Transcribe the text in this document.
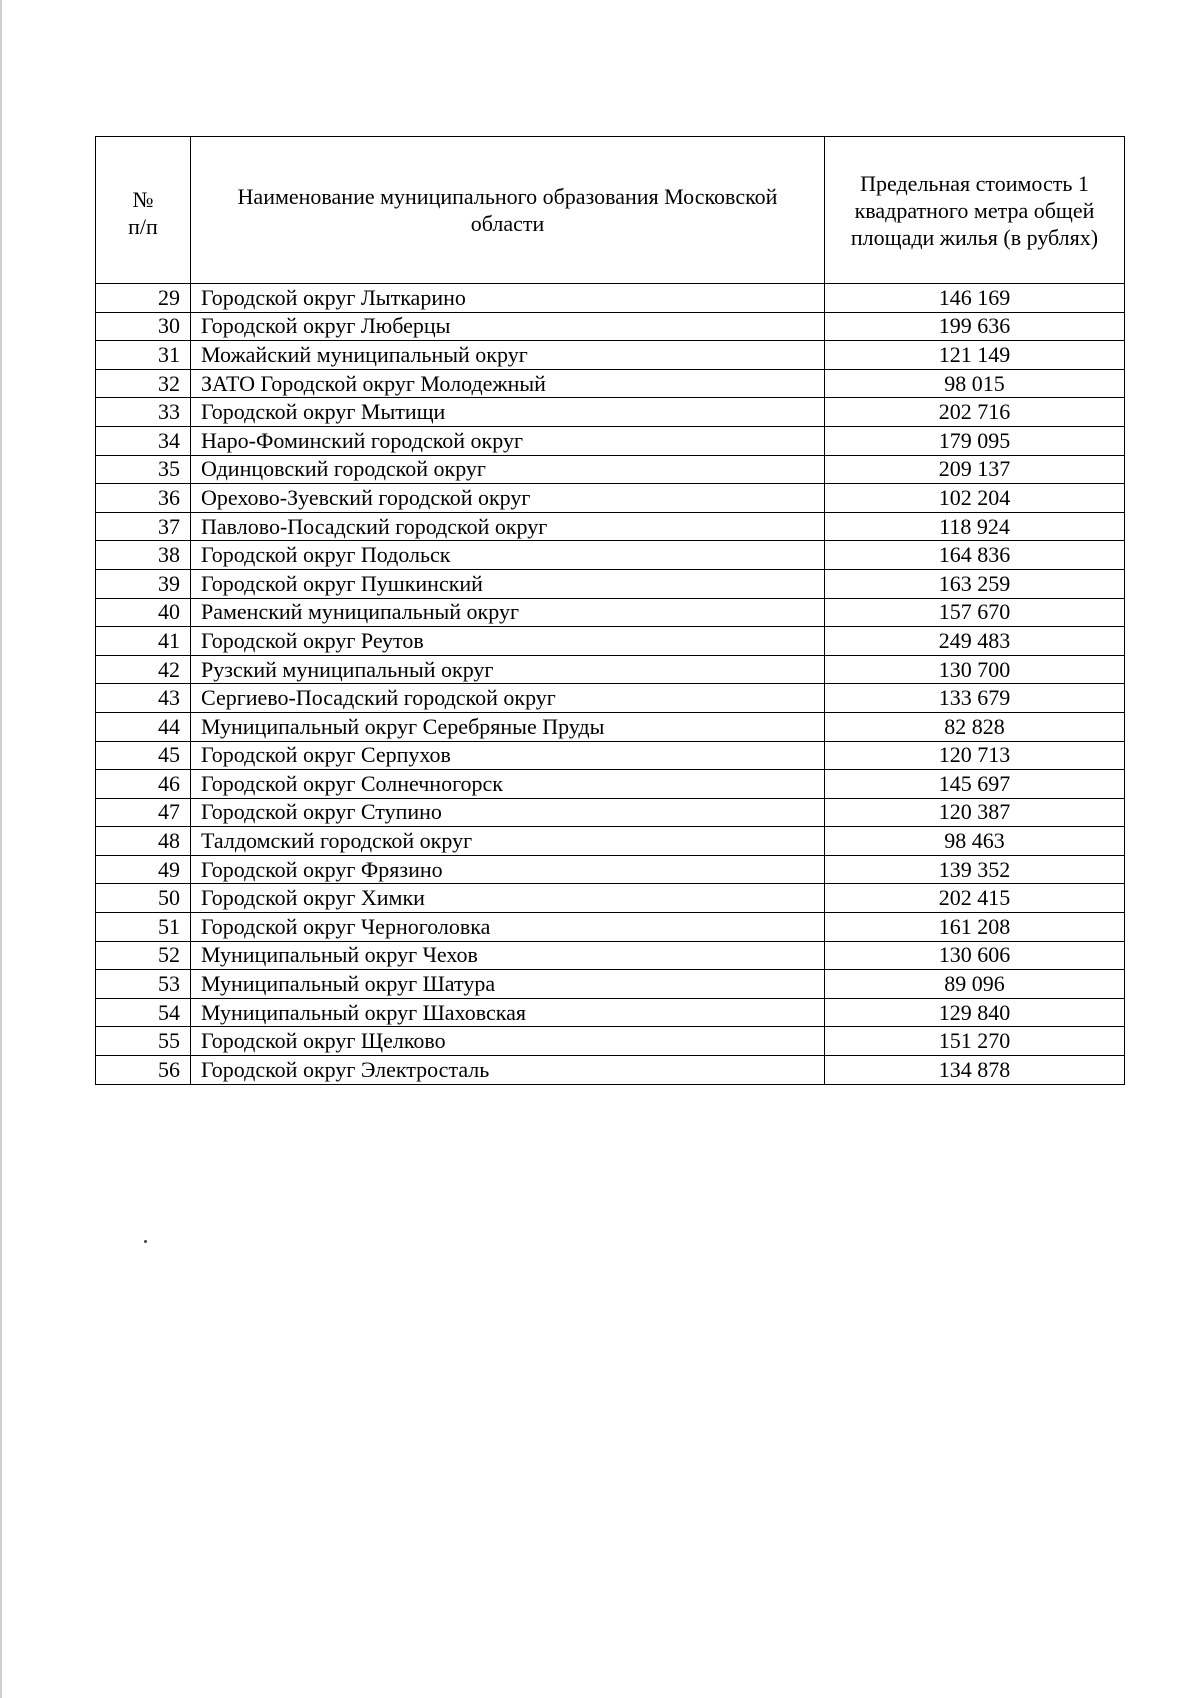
№
п/п	Наименование муниципального образования Московской области	Предельная стоимость 1 квадратного метра общей площади жилья (в рублях)
29	Городской округ Лыткарино	146 169
30	Городской округ Люберцы	199 636
31	Можайский муниципальный округ	121 149
32	ЗАТО Городской округ Молодежный	98 015
33	Городской округ Мытищи	202 716
34	Наро-Фоминский городской округ	179 095
35	Одинцовский городской округ	209 137
36	Орехово-Зуевский городской округ	102 204
37	Павлово-Посадский городской округ	118 924
38	Городской округ Подольск	164 836
39	Городской округ Пушкинский	163 259
40	Раменский муниципальный округ	157 670
41	Городской округ Реутов	249 483
42	Рузский муниципальный округ	130 700
43	Сергиево-Посадский городской округ	133 679
44	Муниципальный округ Серебряные Пруды	82 828
45	Городской округ Серпухов	120 713
46	Городской округ Солнечногорск	145 697
47	Городской округ Ступино	120 387
48	Талдомский городской округ	98 463
49	Городской округ Фрязино	139 352
50	Городской округ Химки	202 415
51	Городской округ Черноголовка	161 208
52	Муниципальный округ Чехов	130 606
53	Муниципальный округ Шатура	89 096
54	Муниципальный округ Шаховская	129 840
55	Городской округ Щелково	151 270
56	Городской округ Электросталь	134 878
